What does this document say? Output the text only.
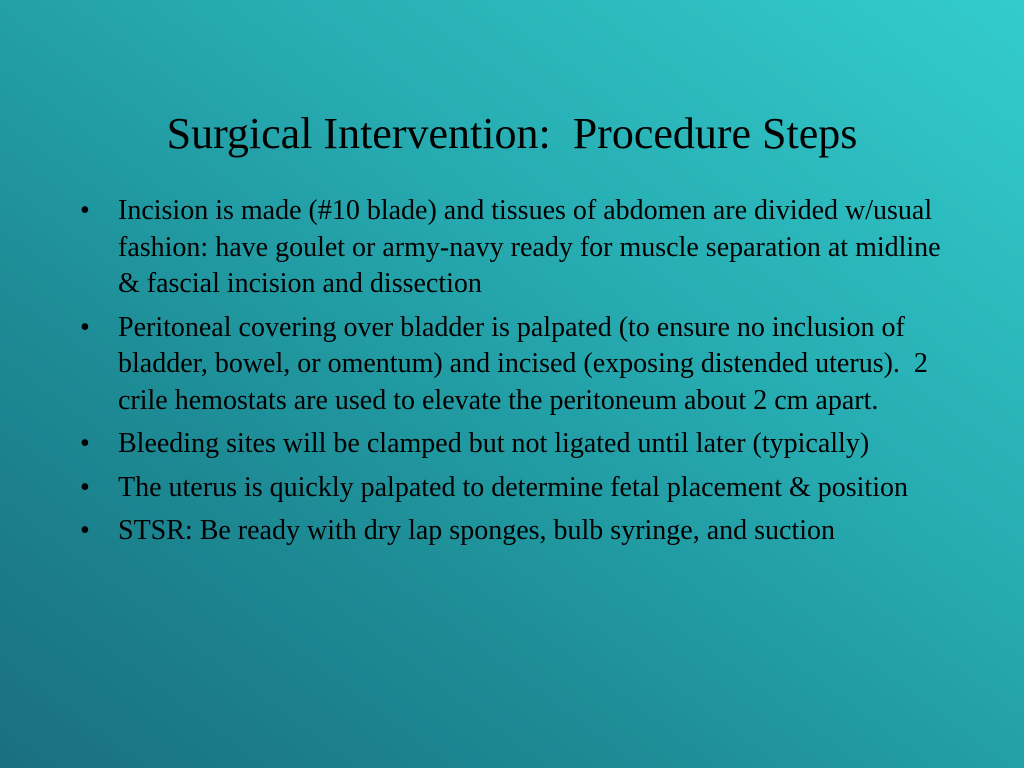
Surgical Intervention:  Procedure Steps
•	Incision is made (#10 blade) and tissues of abdomen are divided w/usual fashion: have goulet or army-navy ready for muscle separation at midline & fascial incision and dissection
•	Peritoneal covering over bladder is palpated (to ensure no inclusion of bladder, bowel, or omentum) and incised (exposing distended uterus).  2 crile hemostats are used to elevate the peritoneum about 2 cm apart.
•	Bleeding sites will be clamped but not ligated until later (typically)
•	The uterus is quickly palpated to determine fetal placement & position
•	STSR: Be ready with dry lap sponges, bulb syringe, and suction
